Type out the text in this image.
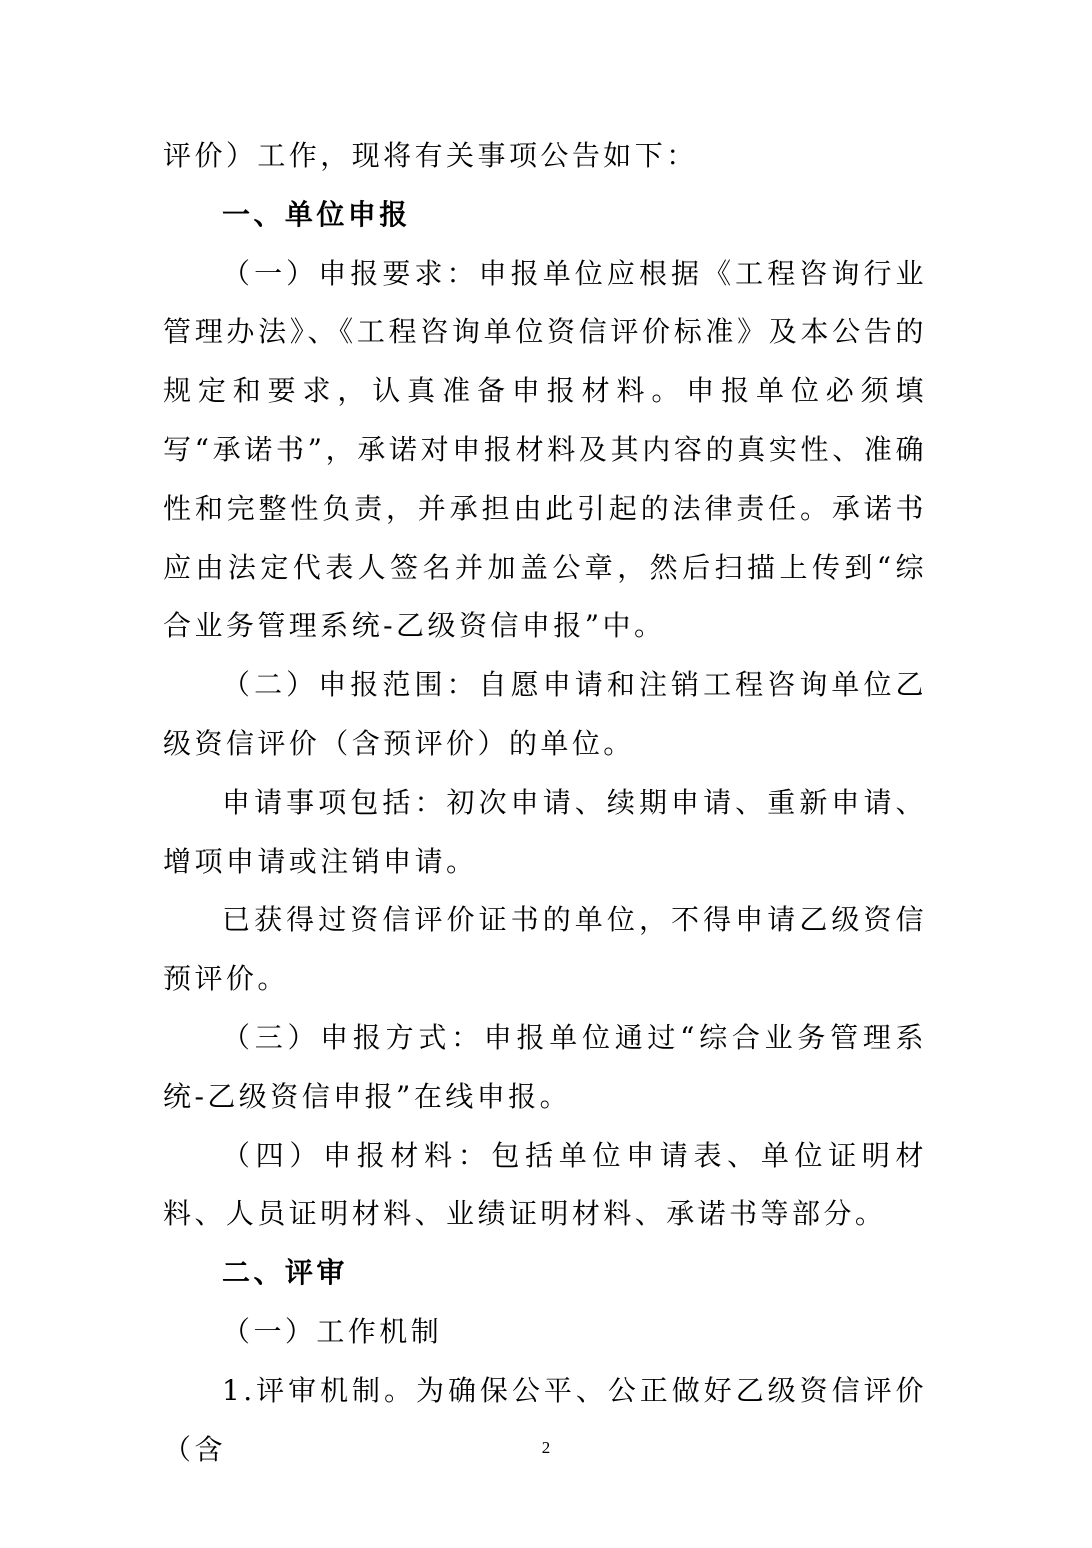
评价）工作，现将有关事项公告如下：

一、单位申报

（一）申报要求：申报单位应根据《工程咨询行业管理办法》、《工程咨询单位资信评价标准》及本公告的规定和要求，认真准备申报材料。申报单位必须填写“承诺书”，承诺对申报材料及其内容的真实性、准确性和完整性负责，并承担由此引起的法律责任。承诺书应由法定代表人签名并加盖公章，然后扫描上传到“综合业务管理系统-乙级资信申报”中。

（二）申报范围：自愿申请和注销工程咨询单位乙级资信评价（含预评价）的单位。

申请事项包括：初次申请、续期申请、重新申请、增项申请或注销申请。

已获得过资信评价证书的单位，不得申请乙级资信预评价。

（三）申报方式：申报单位通过“综合业务管理系统-乙级资信申报”在线申报。

（四）申报材料：包括单位申请表、单位证明材料、人员证明材料、业绩证明材料、承诺书等部分。

二、评审

（一）工作机制

1.评审机制。为确保公平、公正做好乙级资信评价（含	2
